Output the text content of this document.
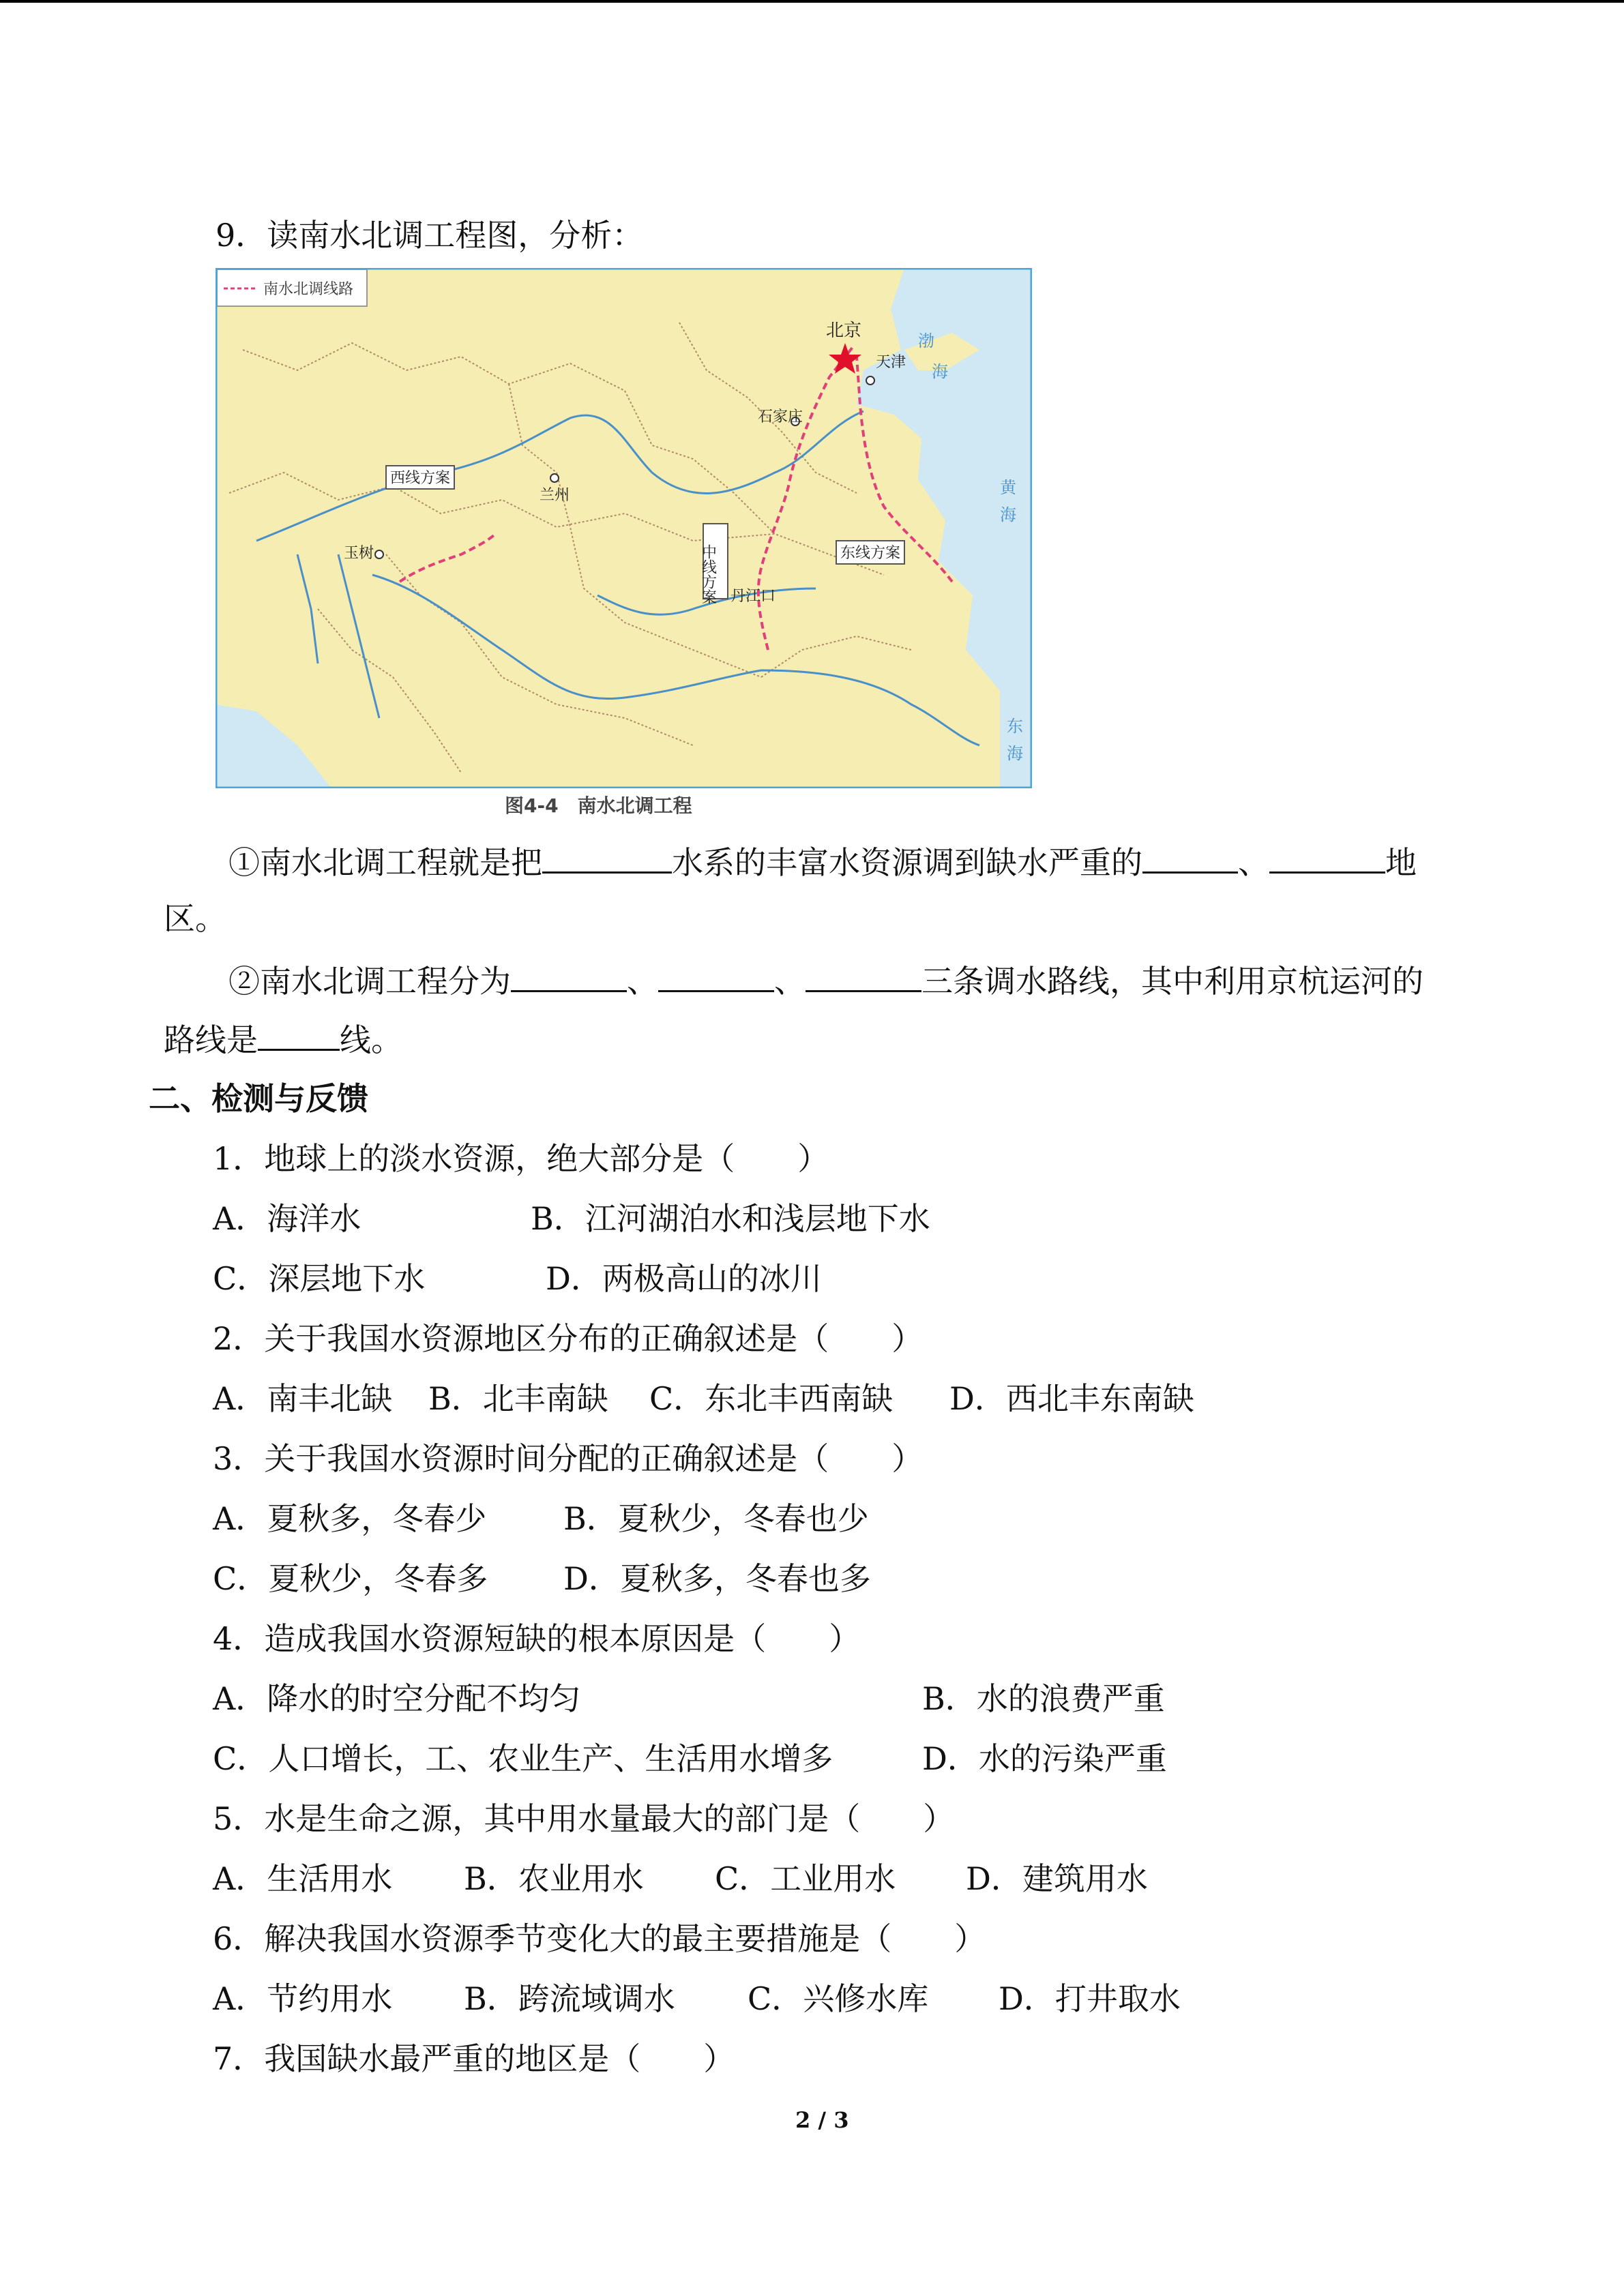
9．读南水北调工程图，分析：
南水北调线路
西线方案
东线方案
中线方案
北京
天津
石家庄
兰州
玉树
丹江口
渤
海
黄
海
东
海
图4-4　南水北调工程
①南水北调工程就是把	水系的丰富水资源调到缺水严重的	、	地
区。
②南水北调工程分为	、	、	三条调水路线，其中利用京杭运河的
路线是	线。
二、检测与反馈
1．地球上的淡水资源，绝大部分是（　　）
A．海洋水	B．江河湖泊水和浅层地下水
C．深层地下水	D．两极高山的冰川
2．关于我国水资源地区分布的正确叙述是（　　）
A．南丰北缺 B．北丰南缺 C．东北丰西南缺 D．西北丰东南缺
3．关于我国水资源时间分配的正确叙述是（　　）
A．夏秋多，冬春少 B．夏秋少，冬春也少
C．夏秋少，冬春多 D．夏秋多，冬春也多
4．造成我国水资源短缺的根本原因是（　　）
A．降水的时空分配不均匀	B．水的浪费严重
C．人口增长，工、农业生产、生活用水增多	D．水的污染严重
5．水是生命之源，其中用水量最大的部门是（　　）
A．生活用水 B．农业用水 C．工业用水 D．建筑用水
6．解决我国水资源季节变化大的最主要措施是（　　）
A．节约用水 B．跨流域调水 C．兴修水库 D．打井取水
7．我国缺水最严重的地区是（　　）
2 / 3
